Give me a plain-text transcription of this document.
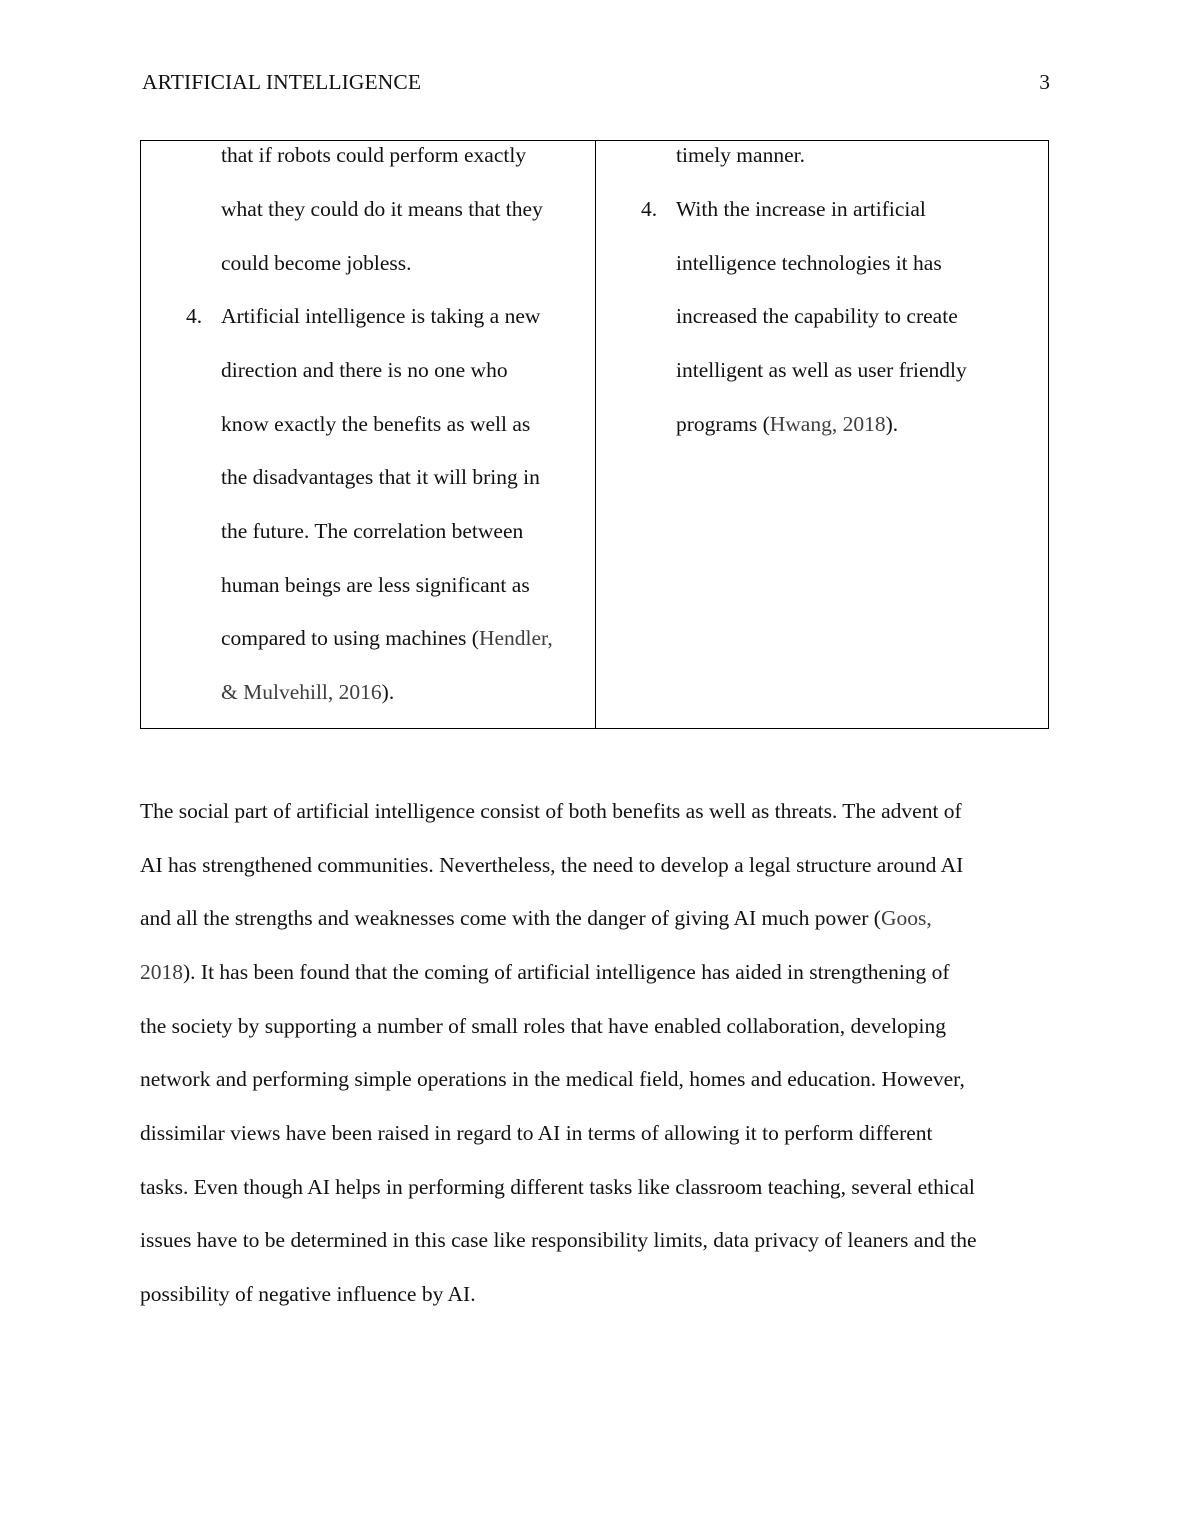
ARTIFICIAL INTELLIGENCE	3
that if robots could perform exactly
what they could do it means that they
could become jobless.
4. Artificial intelligence is taking a new
direction and there is no one who
know exactly the benefits as well as
the disadvantages that it will bring in
the future. The correlation between
human beings are less significant as
compared to using machines (Hendler,
& Mulvehill, 2016).
timely manner.
4. With the increase in artificial
intelligence technologies it has
increased the capability to create
intelligent as well as user friendly
programs (Hwang, 2018).
The social part of artificial intelligence consist of both benefits as well as threats. The advent of
AI has strengthened communities. Nevertheless, the need to develop a legal structure around AI
and all the strengths and weaknesses come with the danger of giving AI much power (Goos,
2018). It has been found that the coming of artificial intelligence has aided in strengthening of
the society by supporting a number of small roles that have enabled collaboration, developing
network and performing simple operations in the medical field, homes and education. However,
dissimilar views have been raised in regard to AI in terms of allowing it to perform different
tasks. Even though AI helps in performing different tasks like classroom teaching, several ethical
issues have to be determined in this case like responsibility limits, data privacy of leaners and the
possibility of negative influence by AI.
